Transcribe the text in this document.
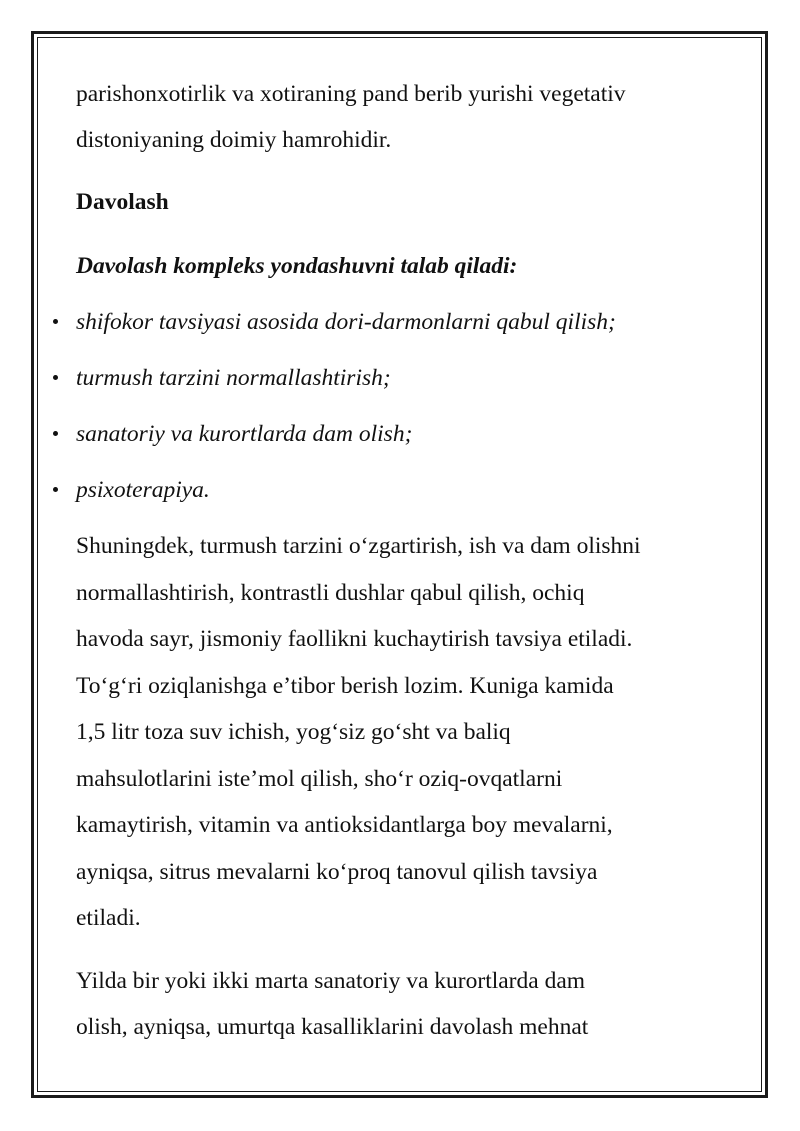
parishonxotirlik va xotiraning pand berib yurishi vegetativ
distoniyaning doimiy hamrohidir.

Davolash

Davolash kompleks yondashuvni talab qiladi:

shifokor tavsiyasi asosida dori-darmonlarni qabul qilish;
turmush tarzini normallashtirish;
sanatoriy va kurortlarda dam olish;
psixoterapiya.

Shuningdek, turmush tarzini o‘zgartirish, ish va dam olishni
normallashtirish, kontrastli dushlar qabul qilish, ochiq
havoda sayr, jismoniy faollikni kuchaytirish tavsiya etiladi.
To‘g‘ri oziqlanishga e’tibor berish lozim. Kuniga kamida
1,5 litr toza suv ichish, yog‘siz go‘sht va baliq
mahsulotlarini iste’mol qilish, sho‘r oziq-ovqatlarni
kamaytirish, vitamin va antioksidantlarga boy mevalarni,
ayniqsa, sitrus mevalarni ko‘proq tanovul qilish tavsiya
etiladi.

Yilda bir yoki ikki marta sanatoriy va kurortlarda dam
olish, ayniqsa, umurtqa kasalliklarini davolash mehnat
